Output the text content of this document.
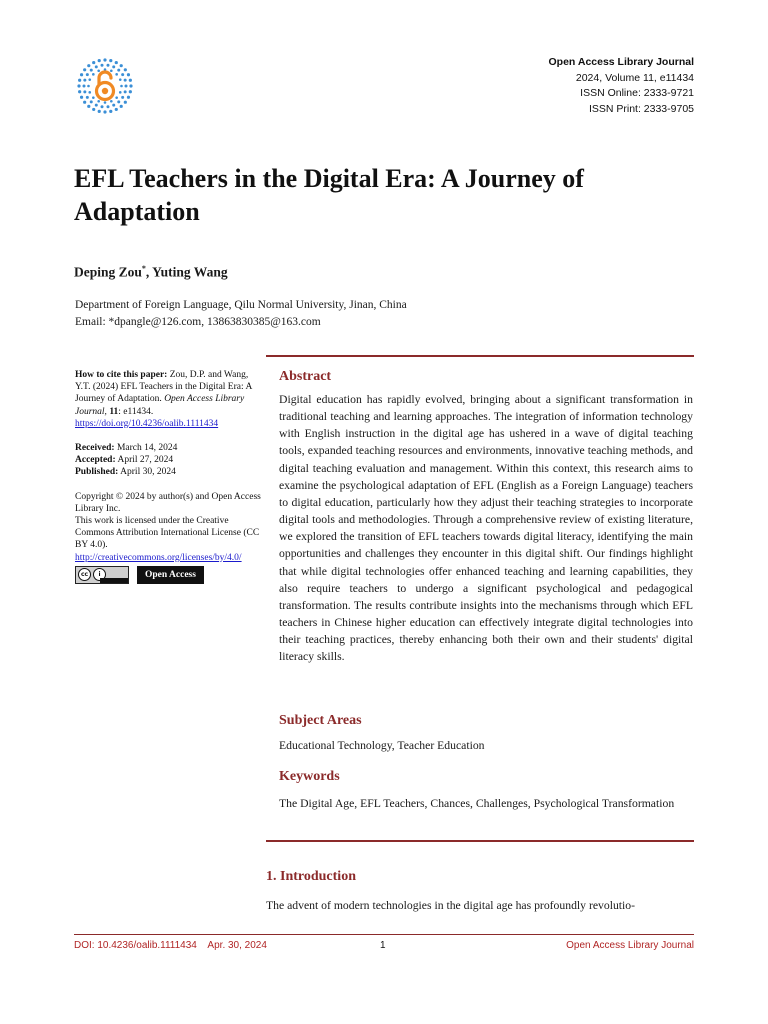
Open Access Library Journal
2024, Volume 11, e11434
ISSN Online: 2333-9721
ISSN Print: 2333-9705
EFL Teachers in the Digital Era: A Journey of Adaptation
Deping Zou*, Yuting Wang
Department of Foreign Language, Qilu Normal University, Jinan, China
Email: *dpangle@126.com, 13863830385@163.com
How to cite this paper: Zou, D.P. and Wang, Y.T. (2024) EFL Teachers in the Digital Era: A Journey of Adaptation. Open Access Library Journal, 11: e11434.
https://doi.org/10.4236/oalib.1111434
Received: March 14, 2024
Accepted: April 27, 2024
Published: April 30, 2024
Copyright © 2024 by author(s) and Open Access Library Inc.
This work is licensed under the Creative Commons Attribution International License (CC BY 4.0).
http://creativecommons.org/licenses/by/4.0/
cc	i	Open Access
Abstract

Digital education has rapidly evolved, bringing about a significant transformation in traditional teaching and learning approaches. The integration of information technology with English instruction in the digital age has ushered in a wave of digital teaching tools, expanded teaching resources and environments, innovative teaching methods, and digital teaching evaluation and management. Within this context, this research aims to examine the psychological adaptation of EFL (English as a Foreign Language) teachers to digital education, particularly how they adjust their teaching strategies to incorporate digital tools and methodologies. Through a comprehensive review of existing literature, we explored the transition of EFL teachers towards digital literacy, identifying the main opportunities and challenges they encounter in this digital shift. Our findings highlight that while digital technologies offer enhanced teaching and learning capabilities, they also require teachers to undergo a significant psychological and pedagogical transformation. The results contribute insights into the mechanisms through which EFL teachers in Chinese higher education can effectively integrate digital technologies into their teaching practices, thereby enhancing both their own and their students' digital literacy skills.

Subject Areas
Educational Technology, Teacher Education
Keywords

The Digital Age, EFL Teachers, Chances, Challenges, Psychological Transformation

1. Introduction
The advent of modern technologies in the digital age has profoundly revolutio-
DOI: 10.4236/oalib.1111434    Apr. 30, 2024	1	Open Access Library Journal
